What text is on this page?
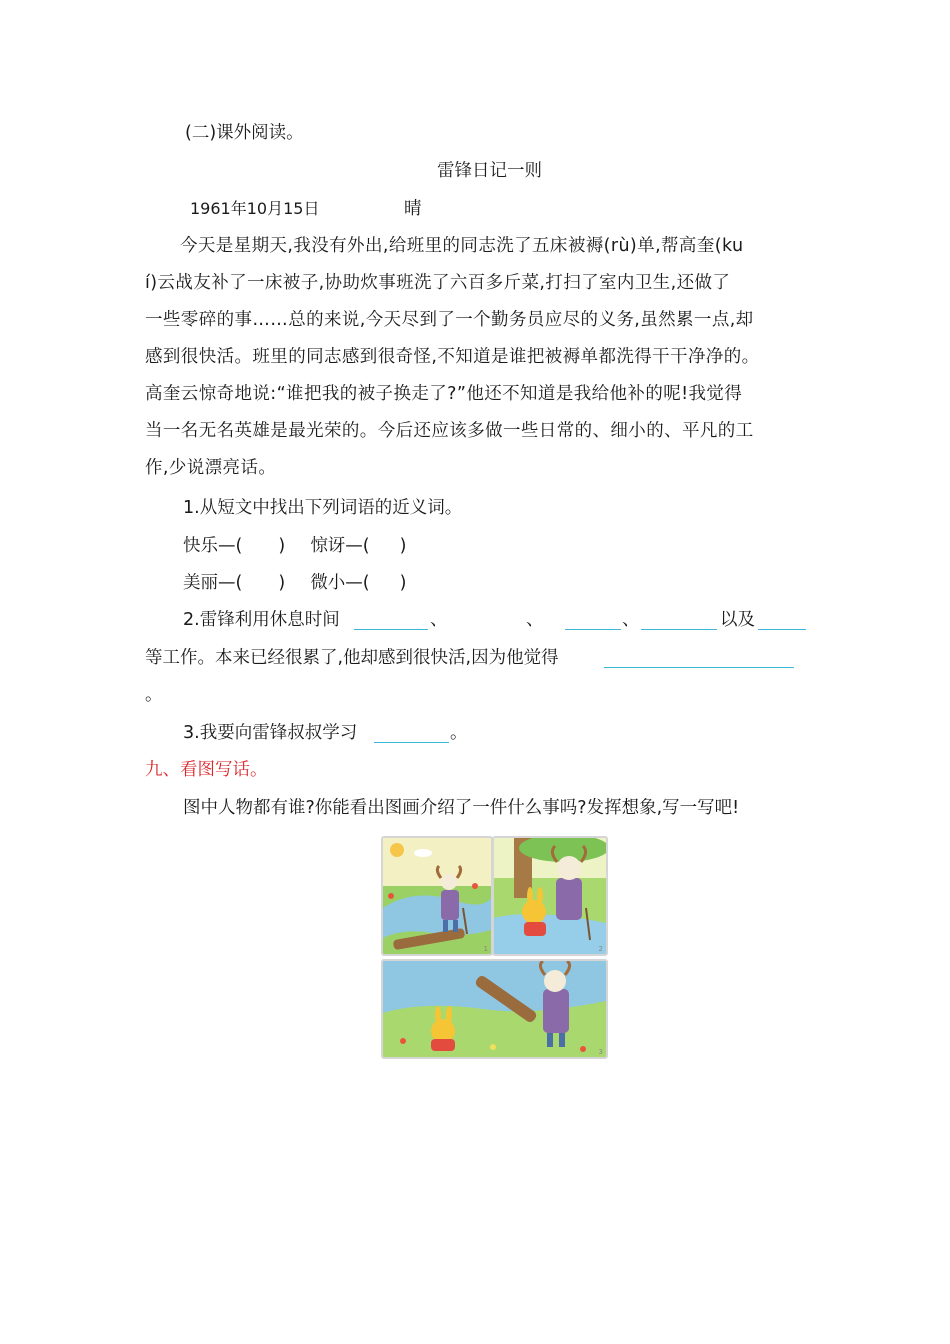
(二)课外阅读。
雷锋日记一则
1961年10月15日	晴
今天是星期天,我没有外出,给班里的同志洗了五床被褥(rù)单,帮高奎(ku
í)云战友补了一床被子,协助炊事班洗了六百多斤菜,打扫了室内卫生,还做了
一些零碎的事……总的来说,今天尽到了一个勤务员应尽的义务,虽然累一点,却
感到很快活。班里的同志感到很奇怪,不知道是谁把被褥单都洗得干干净净的。
高奎云惊奇地说:“谁把我的被子换走了?”他还不知道是我给他补的呢!我觉得
当一名无名英雄是最光荣的。今后还应该多做一些日常的、细小的、平凡的工
作,少说漂亮话。
1.从短文中找出下列词语的近义词。
快乐—( ) 惊讶—( )
美丽—( ) 微小—( )
2.雷锋利用休息时间	、	、	、	以及
等工作。本来已经很累了,他却感到很快活,因为他觉得
。
3.我要向雷锋叔叔学习	。
九、看图写话。
图中人物都有谁?你能看出图画介绍了一件什么事吗?发挥想象,写一写吧!
1	2
3
